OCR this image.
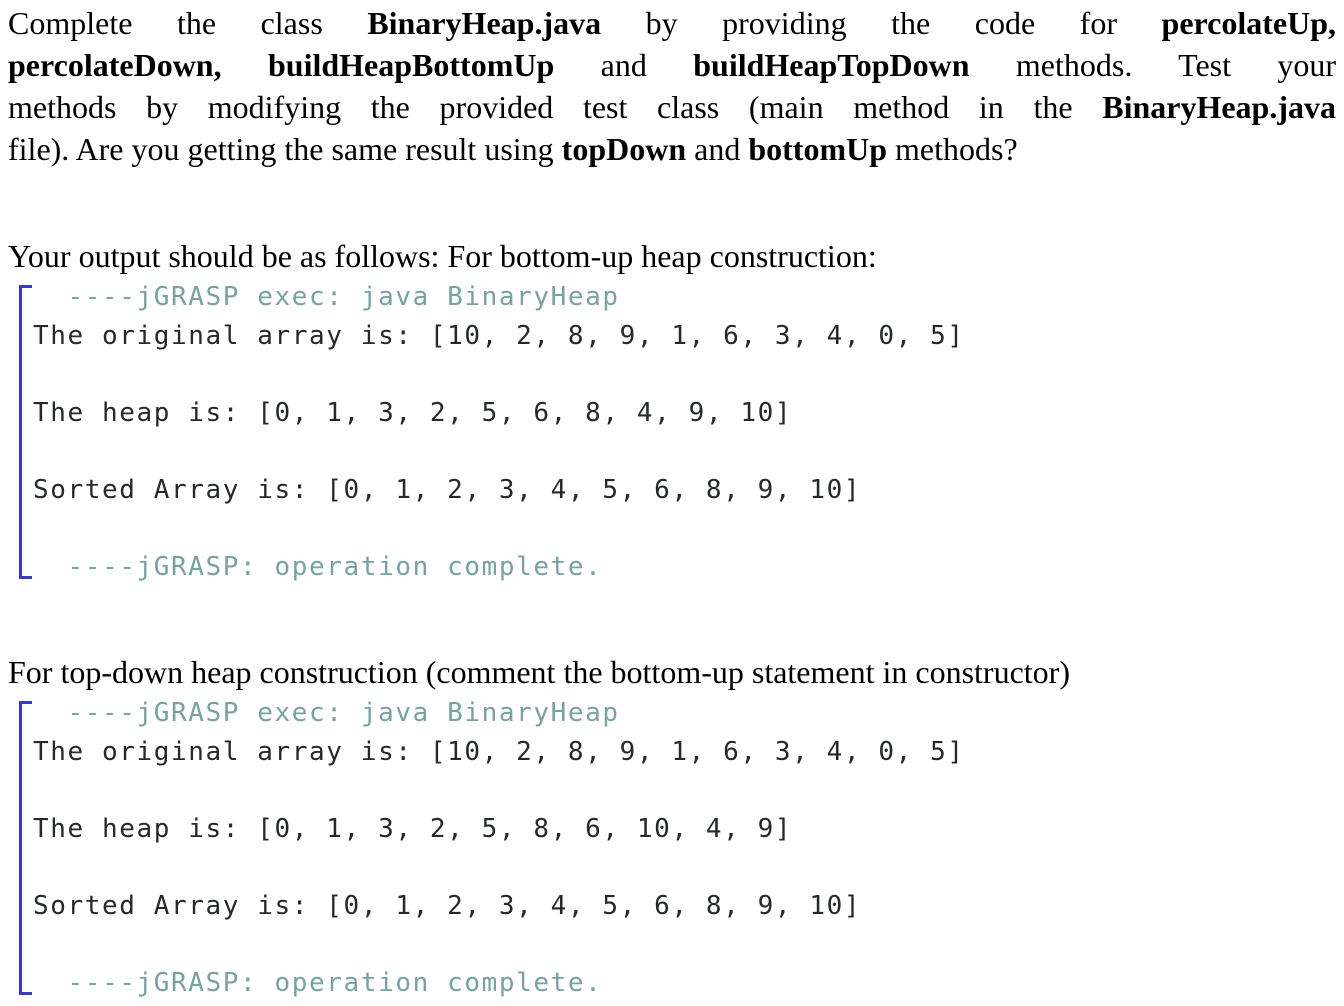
Complete the class BinaryHeap.java by providing the code for percolateUp,
percolateDown, buildHeapBottomUp and buildHeapTopDown methods. Test your
methods by modifying the provided test class (main method in the BinaryHeap.java
file). Are you getting the same result using topDown and bottomUp methods?
Your output should be as follows: For bottom-up heap construction:
----jGRASP exec: java BinaryHeap
The original array is: [10, 2, 8, 9, 1, 6, 3, 4, 0, 5]
The heap is: [0, 1, 3, 2, 5, 6, 8, 4, 9, 10]
Sorted Array is: [0, 1, 2, 3, 4, 5, 6, 8, 9, 10]
----jGRASP: operation complete.
For top-down heap construction (comment the bottom-up statement in constructor)
----jGRASP exec: java BinaryHeap
The original array is: [10, 2, 8, 9, 1, 6, 3, 4, 0, 5]
The heap is: [0, 1, 3, 2, 5, 8, 6, 10, 4, 9]
Sorted Array is: [0, 1, 2, 3, 4, 5, 6, 8, 9, 10]
----jGRASP: operation complete.
